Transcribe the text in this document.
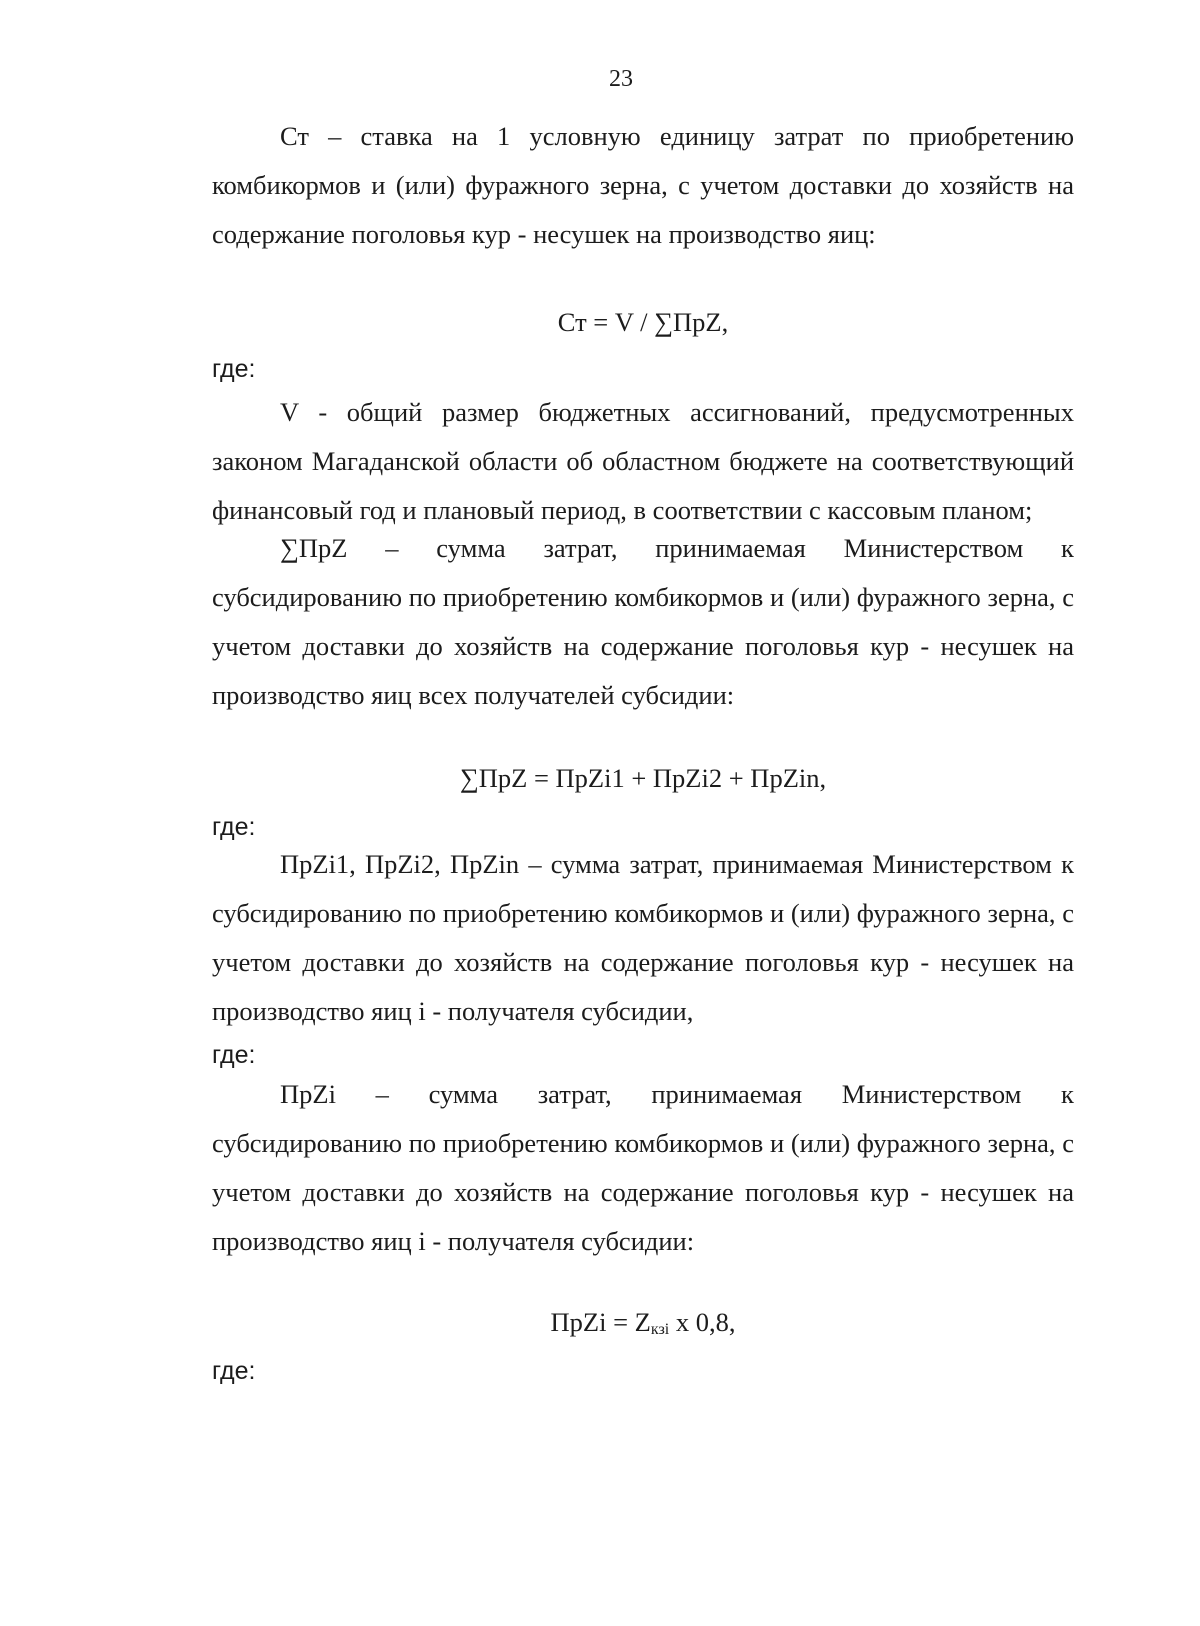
23

Ст – ставка на 1 условную единицу затрат по приобретению комбикормов и (или) фуражного зерна, с учетом доставки до хозяйств на содержание поголовья кур - несушек на производство яиц:

Ст = V / ∑ПрZ,
где:

V - общий размер бюджетных ассигнований, предусмотренных законом Магаданской области об областном бюджете на соответствующий финансовый год и плановый период, в соответствии с кассовым планом;

∑ПрZ – сумма затрат, принимаемая Министерством к

субсидированию по приобретению комбикормов и (или) фуражного зерна, с учетом доставки до хозяйств на содержание поголовья кур - несушек на производство яиц всех получателей субсидии:

∑ПрZ = ПрZi1 + ПрZi2 + ПрZin,
где:

ПрZi1, ПрZi2, ПрZin – сумма затрат, принимаемая Министерством к субсидированию по приобретению комбикормов и (или) фуражного зерна, с учетом доставки до хозяйств на содержание поголовья кур - несушек на производство яиц i - получателя субсидии,

где:
ПрZi – сумма затрат, принимаемая Министерством к

субсидированию по приобретению комбикормов и (или) фуражного зерна, с учетом доставки до хозяйств на содержание поголовья кур - несушек на производство яиц i - получателя субсидии:

ПрZi = $Z_{кзi}$ х 0,8,
где:
